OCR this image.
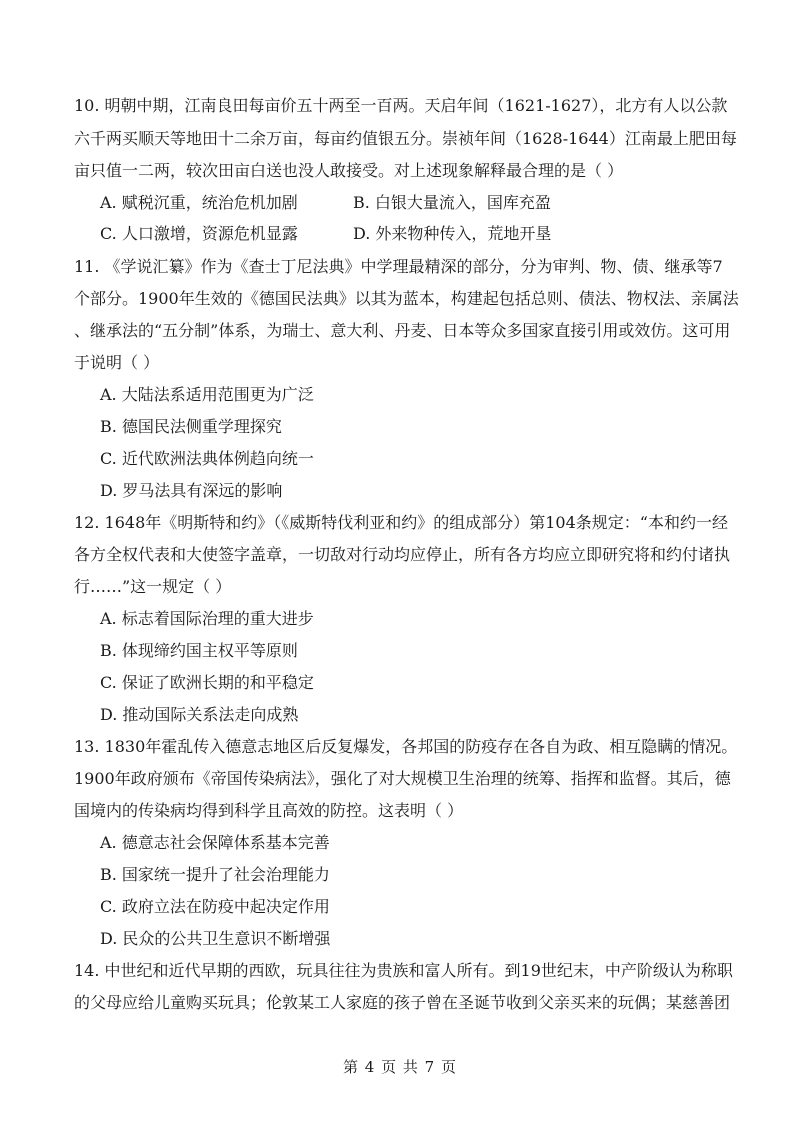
10. 明朝中期，江南良田每亩价五十两至一百两。天启年间（1621-1627），北方有人以公款
六千两买顺天等地田十二余万亩，每亩约值银五分。崇祯年间（1628-1644）江南最上肥田每
亩只值一二两，较次田亩白送也没人敢接受。对上述现象解释最合理的是（ ）
A. 赋税沉重，统治危机加剧	B. 白银大量流入，国库充盈
C. 人口激增，资源危机显露	D. 外来物种传入，荒地开垦
11. 《学说汇纂》作为《查士丁尼法典》中学理最精深的部分，分为审判、物、债、继承等7
个部分。1900年生效的《德国民法典》以其为蓝本，构建起包括总则、债法、物权法、亲属法
、继承法的“五分制”体系，为瑞士、意大利、丹麦、日本等众多国家直接引用或效仿。这可用
于说明（ ）
A. 大陆法系适用范围更为广泛
B. 德国民法侧重学理探究
C. 近代欧洲法典体例趋向统一
D. 罗马法具有深远的影响
12. 1648年《明斯特和约》（《威斯特伐利亚和约》的组成部分）第104条规定：“本和约一经
各方全权代表和大使签字盖章，一切敌对行动均应停止，所有各方均应立即研究将和约付诸执
行……”这一规定（ ）
A. 标志着国际治理的重大进步
B. 体现缔约国主权平等原则
C. 保证了欧洲长期的和平稳定
D. 推动国际关系法走向成熟
13. 1830年霍乱传入德意志地区后反复爆发，各邦国的防疫存在各自为政、相互隐瞒的情况。
1900年政府颁布《帝国传染病法》，强化了对大规模卫生治理的统筹、指挥和监督。其后，德
国境内的传染病均得到科学且高效的防控。这表明（ ）
A. 德意志社会保障体系基本完善
B. 国家统一提升了社会治理能力
C. 政府立法在防疫中起决定作用
D. 民众的公共卫生意识不断增强
14. 中世纪和近代早期的西欧，玩具往往为贵族和富人所有。到19世纪末，中产阶级认为称职
的父母应给儿童购买玩具；伦敦某工人家庭的孩子曾在圣诞节收到父亲买来的玩偶；某慈善团
第 4 页 共 7 页
